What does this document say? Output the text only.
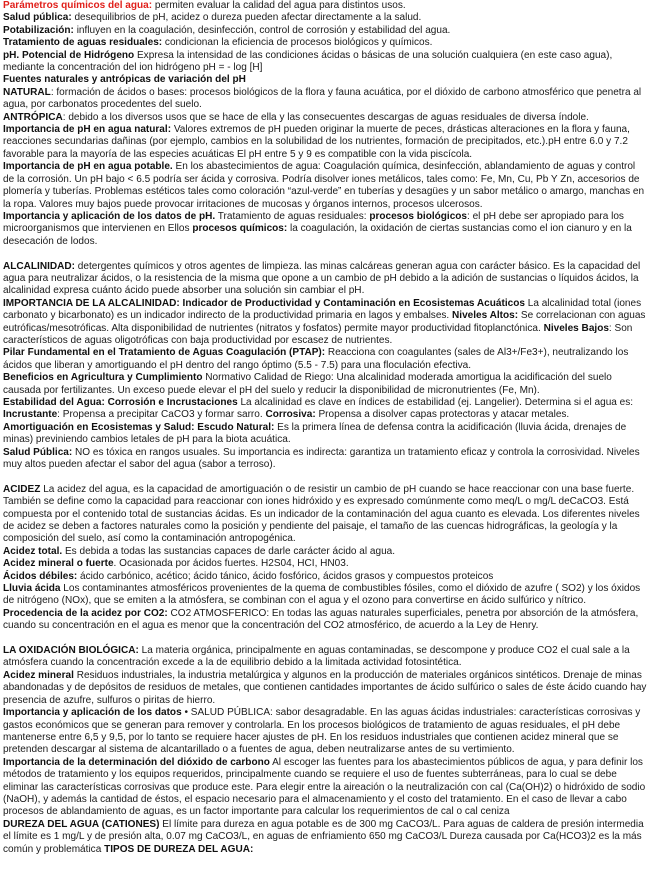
Parámetros químicos del agua: permiten evaluar la calidad del agua para distintos usos.
Salud pública: desequilibrios de pH, acidez o dureza pueden afectar directamente a la salud.
Potabilización: influyen en la coagulación, desinfección, control de corrosión y estabilidad del agua.
Tratamiento de aguas residuales: condicionan la eficiencia de procesos biológicos y químicos.
pH. Potencial de Hidrógeno Expresa la intensidad de las condiciones ácidas o básicas de una solución cualquiera (en este caso agua), mediante la concentración del ion hidrógeno pH = - log [H]
Fuentes naturales y antrópicas de variación del pH
NATURAL: formación de ácidos o bases: procesos biológicos de la flora y fauna acuática, por el dióxido de carbono atmosférico que penetra al agua, por carbonatos procedentes del suelo.
ANTRÓPICA: debido a los diversos usos que se hace de ella y las consecuentes descargas de aguas residuales de diversa índole.
Importancia de pH en agua natural: Valores extremos de pH pueden originar la muerte de peces, drásticas alteraciones en la flora y fauna, reacciones secundarias dañinas (por ejemplo, cambios en la solubilidad de los nutrientes, formación de precipitados, etc.).pH entre 6.0 y 7.2 favorable para la mayoría de las especies acuáticas El pH entre 5 y 9 es compatible con la vida piscícola.
Importancia de pH en agua potable. En los abastecimientos de agua: Coagulación química, desinfección, ablandamiento de aguas y control de la corrosión. Un pH bajo < 6.5 podría ser ácida y corrosiva. Podría disolver iones metálicos, tales como: Fe, Mn, Cu, Pb Y Zn, accesorios de plomería y tuberías. Problemas estéticos tales como coloración “azul-verde” en tuberías y desagües y un sabor metálico o amargo, manchas en la ropa. Valores muy bajos puede provocar irritaciones de mucosas y órganos internos, procesos ulcerosos.
Importancia y aplicación de los datos de pH. Tratamiento de aguas residuales: procesos biológicos: el pH debe ser apropiado para los microorganismos que intervienen en Ellos procesos químicos: la coagulación, la oxidación de ciertas sustancias como el ion cianuro y en la desecación de lodos.
ALCALINIDAD: detergentes químicos y otros agentes de limpieza. las minas calcáreas generan agua con carácter básico. Es la capacidad del agua para neutralizar ácidos, o la resistencia de la misma que opone a un cambio de pH debido a la adición de sustancias o líquidos ácidos, la alcalinidad expresa cuánto ácido puede absorber una solución sin cambiar el pH.
IMPORTANCIA DE LA ALCALINIDAD: Indicador de Productividad y Contaminación en Ecosistemas Acuáticos La alcalinidad total (iones carbonato y bicarbonato) es un indicador indirecto de la productividad primaria en lagos y embalses. Niveles Altos: Se correlacionan con aguas eutróficas/mesotróficas. Alta disponibilidad de nutrientes (nitratos y fosfatos) permite mayor productividad fitoplanctónica. Niveles Bajos: Son característicos de aguas oligotróficas con baja productividad por escasez de nutrientes.
Pilar Fundamental en el Tratamiento de Aguas Coagulación (PTAP): Reacciona con coagulantes (sales de Al3+/Fe3+), neutralizando los ácidos que liberan y amortiguando el pH dentro del rango óptimo (5.5 - 7.5) para una floculación efectiva.
Beneficios en Agricultura y Cumplimiento Normativo Calidad de Riego: Una alcalinidad moderada amortigua la acidificación del suelo causada por fertilizantes. Un exceso puede elevar el pH del suelo y reducir la disponibilidad de micronutrientes (Fe, Mn).
Estabilidad del Agua: Corrosión e Incrustaciones La alcalinidad es clave en índices de estabilidad (ej. Langelier). Determina si el agua es: Incrustante: Propensa a precipitar CaCO3 y formar sarro. Corrosiva: Propensa a disolver capas protectoras y atacar metales.
Amortiguación en Ecosistemas y Salud: Escudo Natural: Es la primera línea de defensa contra la acidificación (lluvia ácida, drenajes de minas) previniendo cambios letales de pH para la biota acuática.
Salud Pública: NO es tóxica en rangos usuales. Su importancia es indirecta: garantiza un tratamiento eficaz y controla la corrosividad. Niveles muy altos pueden afectar el sabor del agua (sabor a terroso).
ACIDEZ La acidez del agua, es la capacidad de amortiguación o de resistir un cambio de pH cuando se hace reaccionar con una base fuerte. También se define como la capacidad para reaccionar con iones hidróxido y es expresado comúnmente como meq/L o mg/L deCaCO3. Está compuesta por el contenido total de sustancias ácidas. Es un indicador de la contaminación del agua cuanto es elevada. Los diferentes niveles de acidez se deben a factores naturales como la posición y pendiente del paisaje, el tamaño de las cuencas hidrográficas, la geología y la composición del suelo, así como la contaminación antropogénica.
Acidez total. Es debida a todas las sustancias capaces de darle carácter ácido al agua.
Acidez mineral o fuerte. Ocasionada por ácidos fuertes. H2S04, HCI, HN03.
Ácidos débiles: ácido carbónico, acético; ácido tánico, ácido fosfórico, ácidos grasos y compuestos proteicos
Lluvia ácida Los contaminantes atmosféricos provenientes de la quema de combustibles fósiles, como el dióxido de azufre ( SO2) y los óxidos de nitrógeno (NOx), que se emiten a la atmósfera, se combinan con el agua y el ozono para convertirse en ácido sulfúrico y nítrico.
Procedencia de la acidez por CO2: CO2 ATMOSFERICO: En todas las aguas naturales superficiales, penetra por absorción de la atmósfera, cuando su concentración en el agua es menor que la concentración del CO2 atmosférico, de acuerdo a la Ley de Henry.
LA OXIDACIÓN BIOLÓGICA: La materia orgánica, principalmente en aguas contaminadas, se descompone y produce CO2 el cual sale a la atmósfera cuando la concentración excede a la de equilibrio debido a la limitada actividad fotosintética.
Acidez mineral Residuos industriales, la industria metalúrgica y algunos en la producción de materiales orgánicos sintéticos. Drenaje de minas abandonadas y de depósitos de residuos de metales, que contienen cantidades importantes de ácido sulfúrico o sales de éste ácido cuando hay presencia de azufre, sulfuros o piritas de hierro.
Importancia y aplicación de los datos • SALUD PÚBLICA: sabor desagradable. En las aguas ácidas industriales: características corrosivas y gastos económicos que se generan para remover y controlarla. En los procesos biológicos de tratamiento de aguas residuales, el pH debe mantenerse entre 6,5 y 9,5, por lo tanto se requiere hacer ajustes de pH. En los residuos industriales que contienen acidez mineral que se pretenden descargar al sistema de alcantarillado o a fuentes de agua, deben neutralizarse antes de su vertimiento.
Importancia de la determinación del dióxido de carbono Al escoger las fuentes para los abastecimientos públicos de agua, y para definir los métodos de tratamiento y los equipos requeridos, principalmente cuando se requiere el uso de fuentes subterráneas, para lo cual se debe eliminar las características corrosivas que produce este. Para elegir entre la aireación o la neutralización con cal (Ca(OH)2) o hidróxido de sodio (NaOH), y además la cantidad de éstos, el espacio necesario para el almacenamiento y el costo del tratamiento. En el caso de llevar a cabo procesos de ablandamiento de aguas, es un factor importante para calcular los requerimientos de cal o cal ceniza
DUREZA DEL AGUA (CATIONES) El límite para dureza en agua potable es de 300 mg CaCO3/L. Para aguas de caldera de presión intermedia el límite es 1 mg/L y de presión alta, 0.07 mg CaCO3/L, en aguas de enfriamiento 650 mg CaCO3/L Dureza causada por Ca(HCO3)2 es la más común y problemática TIPOS DE DUREZA DEL AGUA:
